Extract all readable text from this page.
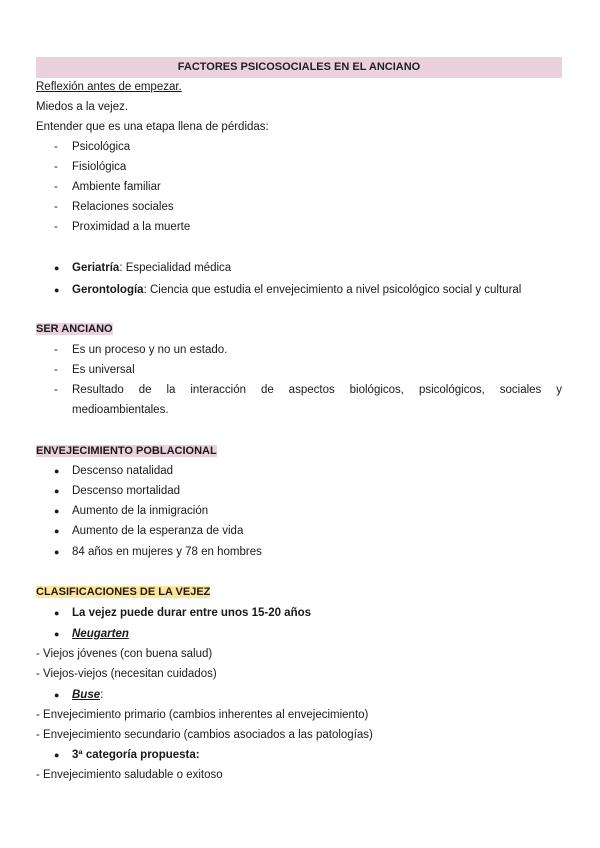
FACTORES PSICOSOCIALES EN EL ANCIANO
Reflexión antes de empezar.
Miedos a la vejez.
Entender que es una etapa llena de pérdidas:
- Psicológica
- Fisiológica
- Ambiente familiar
- Relaciones sociales
- Proximidad a la muerte
● Geriatría: Especialidad médica
● Gerontología: Ciencia que estudia el envejecimiento a nivel psicológico social y cultural
SER ANCIANO
- Es un proceso y no un estado.
- Es universal
- Resultado de la interacción de aspectos biológicos, psicológicos, sociales y
medioambientales.
ENVEJECIMIENTO POBLACIONAL
● Descenso natalidad
● Descenso mortalidad
● Aumento de la inmigración
● Aumento de la esperanza de vida
● 84 años en mujeres y 78 en hombres
CLASIFICACIONES DE LA VEJEZ
● La vejez puede durar entre unos 15-20 años
● Neugarten
- Viejos jóvenes (con buena salud)
- Viejos-viejos (necesitan cuidados)
● Buse:
- Envejecimiento primario (cambios inherentes al envejecimiento)
- Envejecimiento secundario (cambios asociados a las patologías)
● 3ª categoría propuesta:
- Envejecimiento saludable o exitoso
